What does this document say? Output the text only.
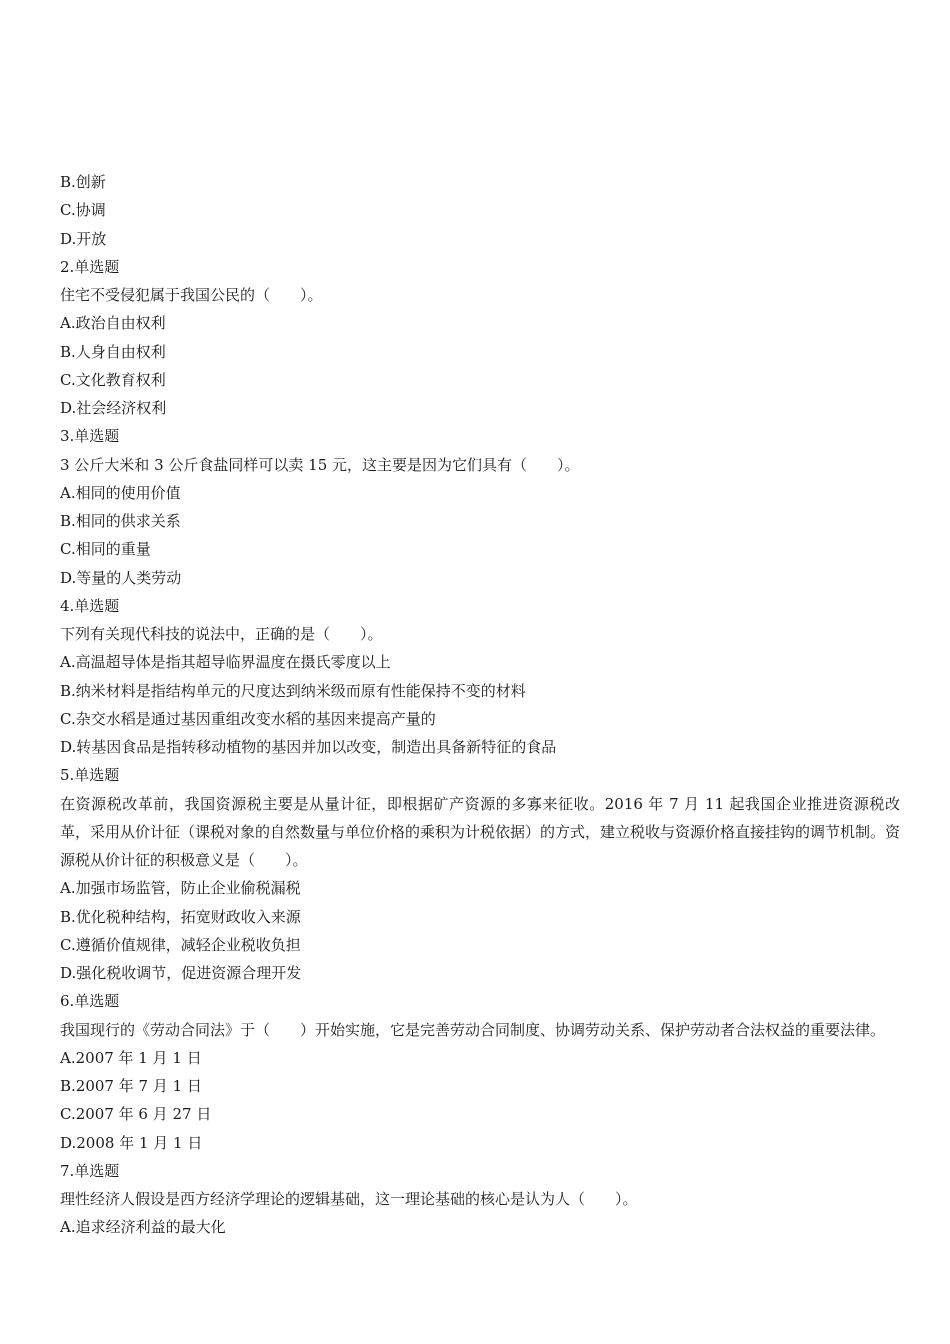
B.创新

C.协调

D.开放

2.单选题

住宅不受侵犯属于我国公民的（　　）。

A.政治自由权利

B.人身自由权利

C.文化教育权利

D.社会经济权利

3.单选题

3 公斤大米和 3 公斤食盐同样可以卖 15 元，这主要是因为它们具有（　　）。

A.相同的使用价值

B.相同的供求关系

C.相同的重量

D.等量的人类劳动

4.单选题

下列有关现代科技的说法中，正确的是（　　）。

A.高温超导体是指其超导临界温度在摄氏零度以上

B.纳米材料是指结构单元的尺度达到纳米级而原有性能保持不变的材料

C.杂交水稻是通过基因重组改变水稻的基因来提高产量的

D.转基因食品是指转移动植物的基因并加以改变，制造出具备新特征的食品

5.单选题

在资源税改革前，我国资源税主要是从量计征，即根据矿产资源的多寡来征收。2016 年 7 月 11 起我国企业推进资源税改革，采用从价计征（课税对象的自然数量与单位价格的乘积为计税依据）的方式，建立税收与资源价格直接挂钩的调节机制。资源税从价计征的积极意义是（　　）。

A.加强市场监管，防止企业偷税漏税

B.优化税种结构，拓宽财政收入来源

C.遵循价值规律，减轻企业税收负担

D.强化税收调节，促进资源合理开发

6.单选题

我国现行的《劳动合同法》于（　　）开始实施，它是完善劳动合同制度、协调劳动关系、保护劳动者合法权益的重要法律。

A.2007 年 1 月 1 日

B.2007 年 7 月 1 日

C.2007 年 6 月 27 日

D.2008 年 1 月 1 日

7.单选题

理性经济人假设是西方经济学理论的逻辑基础，这一理论基础的核心是认为人（　　）。

A.追求经济利益的最大化
